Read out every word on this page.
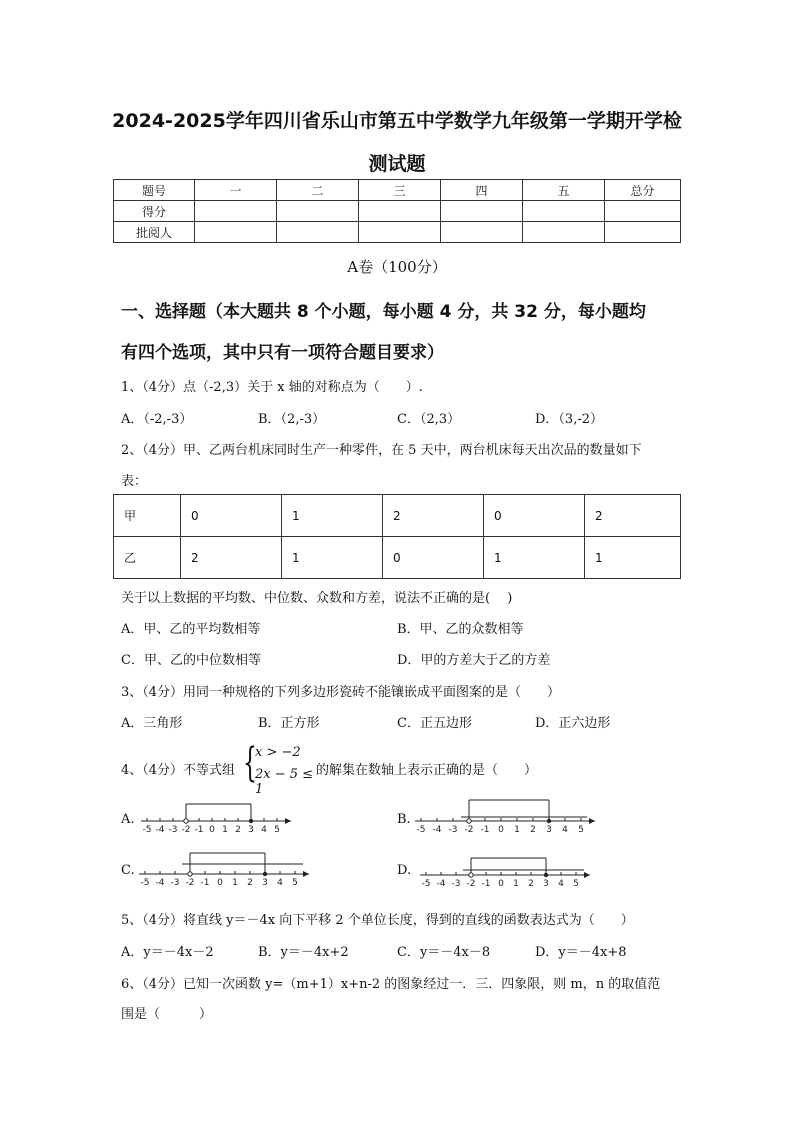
2024-2025学年四川省乐山市第五中学数学九年级第一学期开学检
测试题
题号	一	二	三	四	五	总分
得分						
批阅人						
A卷（100分）
一、选择题（本大题共 8 个小题，每小题 4 分，共 32 分，每小题均
有四个选项，其中只有一项符合题目要求）
1、（4分）点（-2,3）关于 x 轴的对称点为（　　）.
A．（-2,-3）	B．（2,-3）	C．（2,3）	D．（3,-2）
2、（4分）甲、乙两台机床同时生产一种零件，在 5 天中，两台机床每天出次品的数量如下
表：
甲	0	1	2	0	2
乙	2	1	0	1	1
关于以上数据的平均数、中位数、众数和方差，说法不正确的是(　 )
A．甲、乙的平均数相等	B．甲、乙的众数相等
C．甲、乙的中位数相等	D．甲的方差大于乙的方差
3、（4分）用同一种规格的下列多边形瓷砖不能镶嵌成平面图案的是（　　）
A．三角形	B．正方形	C．正五边形	D．正六边形
4、（4分）不等式组 {
x > −2
2x − 5 ≤ 1
的解集在数轴上表示正确的是（　　）
A.	B.
C.	D.
-5 -4 -3 -2 -1 0 1 2 3 4 5	-5 -4 -3 -2 -1 0 1 2 3 4 5
-5 -4 -3 -2 -1 0 1 2 3 4 5	-5 -4 -3 -2 -1 0 1 2 3 4 5
5、（4分）将直线 y＝－4x 向下平移 2 个单位长度，得到的直线的函数表达式为（　　）
A．y＝－4x－2	B．y＝－4x+2	C．y＝－4x－8	D．y＝－4x+8
6、（4分）已知一次函数 y=（m+1）x+n-2 的图象经过一．三．四象限，则 m，n 的取值范
围是（　　　）
